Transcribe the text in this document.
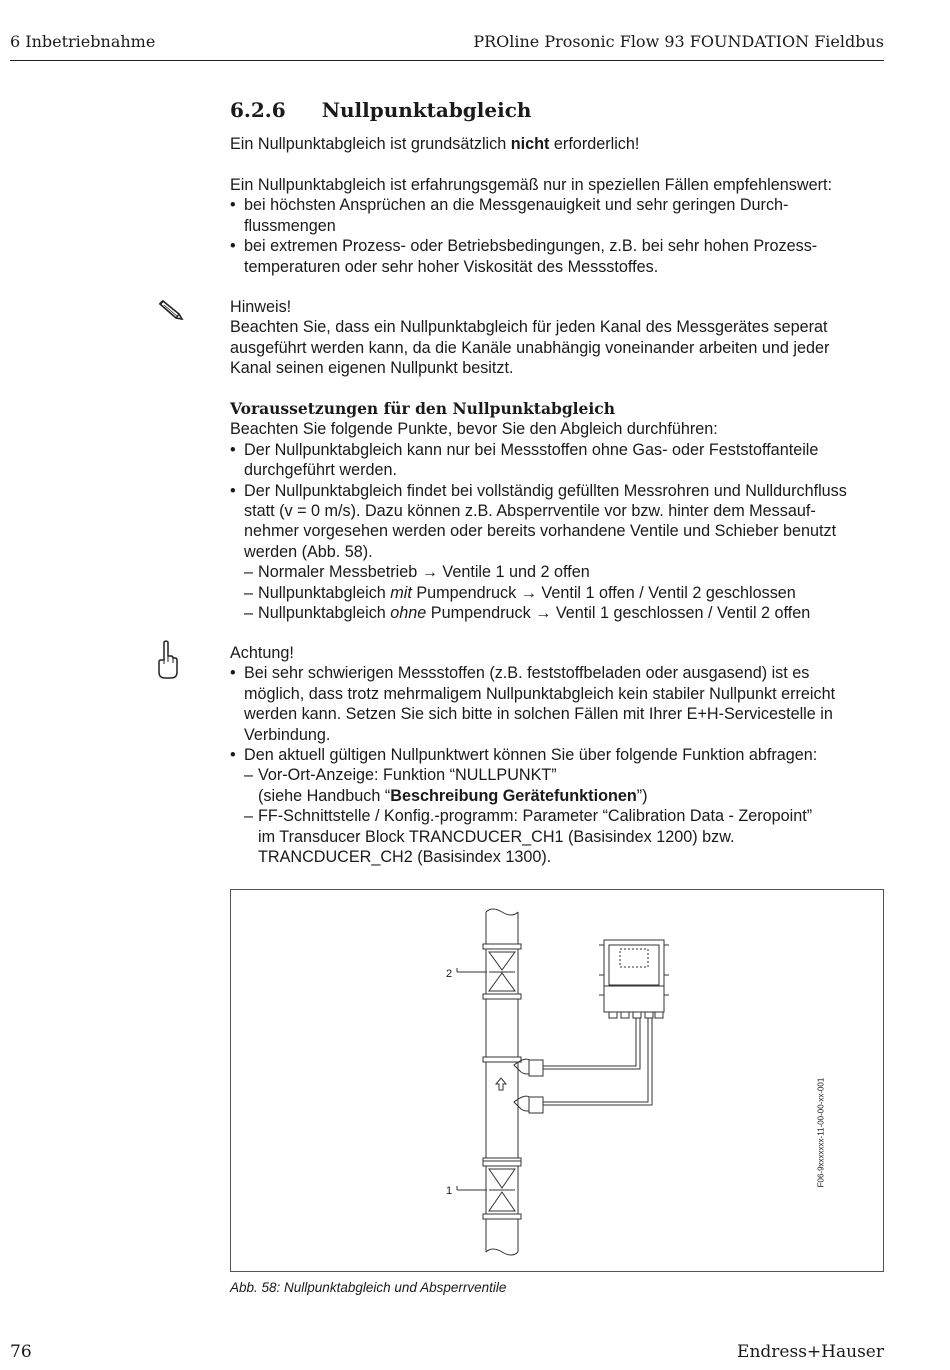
6 Inbetriebnahme	PROline Prosonic Flow 93 FOUNDATION Fieldbus
6.2.6 Nullpunktabgleich
Ein Nullpunktabgleich ist grundsätzlich nicht erforderlich!
Ein Nullpunktabgleich ist erfahrungsgemäß nur in speziellen Fällen empfehlenswert:
• bei höchsten Ansprüchen an die Messgenauigkeit und sehr geringen Durch-
flussmengen
• bei extremen Prozess- oder Betriebsbedingungen, z.B. bei sehr hohen Prozess-
temperaturen oder sehr hoher Viskosität des Messstoffes.
Hinweis!
Beachten Sie, dass ein Nullpunktabgleich für jeden Kanal des Messgerätes seperat
ausgeführt werden kann, da die Kanäle unabhängig voneinander arbeiten und jeder
Kanal seinen eigenen Nullpunkt besitzt.
Voraussetzungen für den Nullpunktabgleich
Beachten Sie folgende Punkte, bevor Sie den Abgleich durchführen:
• Der Nullpunktabgleich kann nur bei Messstoffen ohne Gas- oder Feststoffanteile
durchgeführt werden.
• Der Nullpunktabgleich findet bei vollständig gefüllten Messrohren und Nulldurchfluss
statt (v = 0 m/s). Dazu können z.B. Absperrventile vor bzw. hinter dem Messauf-
nehmer vorgesehen werden oder bereits vorhandene Ventile und Schieber benutzt
werden (Abb. 58).
– Normaler Messbetrieb → Ventile 1 und 2 offen
– Nullpunktabgleich mit Pumpendruck → Ventil 1 offen / Ventil 2 geschlossen
– Nullpunktabgleich ohne Pumpendruck → Ventil 1 geschlossen / Ventil 2 offen
Achtung!
• Bei sehr schwierigen Messstoffen (z.B. feststoffbeladen oder ausgasend) ist es
möglich, dass trotz mehrmaligem Nullpunktabgleich kein stabiler Nullpunkt erreicht
werden kann. Setzen Sie sich bitte in solchen Fällen mit Ihrer E+H-Servicestelle in
Verbindung.
• Den aktuell gültigen Nullpunktwert können Sie über folgende Funktion abfragen:
– Vor-Ort-Anzeige: Funktion “NULLPUNKT”
(siehe Handbuch “Beschreibung Gerätefunktionen”)
– FF-Schnittstelle / Konfig.-programm: Parameter “Calibration Data - Zeropoint”
im Transducer Block TRANCDUCER_CH1 (Basisindex 1200) bzw.
TRANCDUCER_CH2 (Basisindex 1300).
2
1
F06-9xxxxxxx-11-00-00-xx-001
Abb. 58: Nullpunktabgleich und Absperrventile
76	Endress+Hauser
